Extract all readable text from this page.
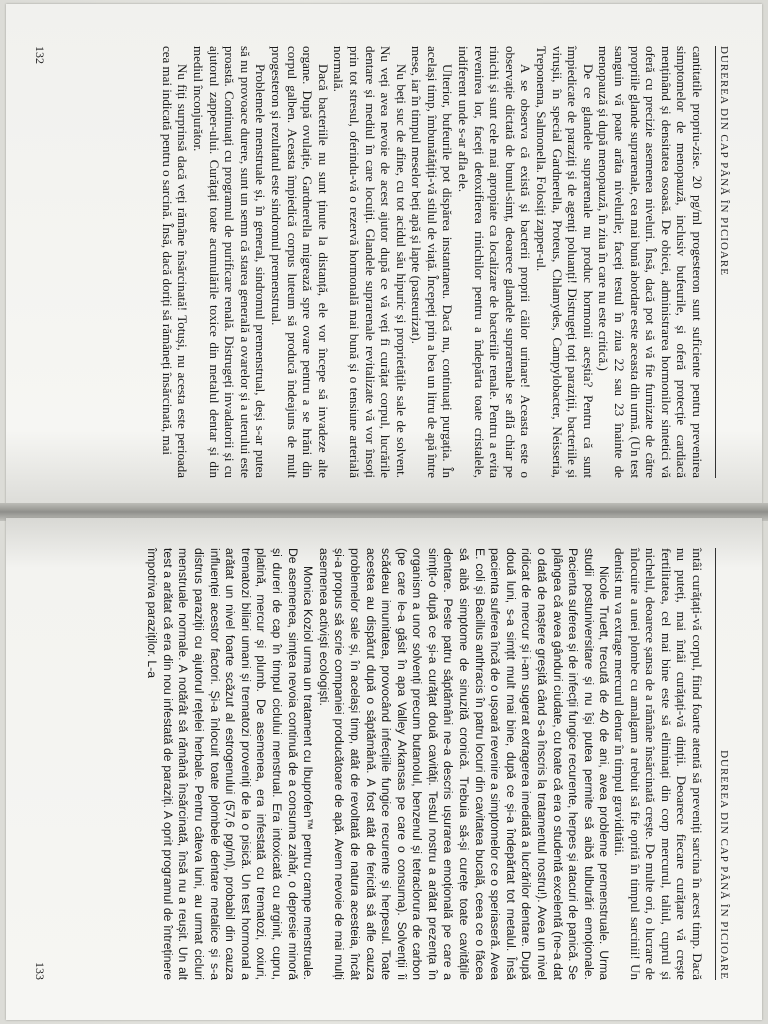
DUREREA DIN CAP PÂNĂ ÎN PICIOARE

cantitatile propriu-zise. 20 pg/ml progesteron sunt suficiente pentru prevenirea simptomelor de menopauză, inclusiv bufeurile, și oferă protecție cardiacă menținând și densitatea osoasă. De obicei, administrarea hormonilor sintetici vă oferă cu precizie asemenea niveluri. Însă, dacă pot să vă fie furnizate de către propriile glande suprarenale, cea mai bună abordare este aceasta din urmă. (Un test sanguin vă poate arăta nivelurile; faceți testul în ziua 22 sau 23 înainte de menopauză și după menopauză, în ziua în care nu este critică.)

De ce glandele suprarenale nu produc hormonii aceștia? Pentru că sunt împiedicate de paraziți și de agenți poluanți! Distrugeți toți paraziții, bacteriile și virușii, în special Gardnerella, Proteus, Chlamydes, Campylobacter, Neisseria, Treponema, Salmonella. Folosiți zapper-ul.

A se observa că există și bacterii proprii căilor urinare! Aceasta este o observație dictată de bunul-simț, deoarece glandele suprarenale se află chiar pe rinichi și sunt cele mai apropiate ca localizare de bacteriile renale. Pentru a evita revenirea lor, faceți detoxifierea rinichilor pentru a îndepărta toate cristalele, indiferent unde s-ar afla ele.

Ulterior, bufeurile pot dispărea instantaneu. Dacă nu, continuați purgația. În același timp, îmbunătățiți-vă stilul de viață. Începeți prin a bea un litru de apă între mese, iar în timpul meselor beți apă și lapte (pasteurizat).

Nu beți suc de afine, cu tot acidul său hipuric și proprietățile sale de solvent. Nu veți avea nevoie de acest ajutor după ce vă veți fi curățat corpul, lucrările dentare și mediul în care locuiți. Glandele suprarenale revitalizate vă vor însoți prin tot stresul, oferindu-vă o rezervă hormonală mai bună și o tensiune arterială normală.

Dacă bacteriile nu sunt ținute la distanță, ele vor începe să invadeze alte organe. După ovulație, Gardnerella migrează spre ovare pentru a se hrăni din corpul galben. Aceasta împiedică corpus luteum să producă îndeajuns de mult progesteron și rezultatul este sindromul premenstrual.

Problemele menstruale și, în general, sindromul premenstrual, deși s-ar putea să nu provoace durere, sunt un semn că starea generală a ovarelor și a uterului este proastă. Continuați cu programul de purificare renală. Distrugeți invadatorii și cu ajutorul zapper-ului. Curățați toate acumulările toxice din metalul dentar și din mediul înconjurător.

Nu fiți surprinsă dacă veți rămâne însărcinată! Totuși, nu acesta este perioada cea mai indicată pentru o sarcină. Însă, dacă doriți să rămâneți însărcinată, mai

132
DUREREA DIN CAP PÂNĂ ÎN PICIOARE

întâi curățați-vă corpul, fiind foarte atentă să preveniți sarcina în acest timp. Dacă nu puteți, mai întâi curățați-vă dinții. Deoarece fiecare curățare vă crește fertilitatea, cel mai bine este să eliminați din corp mercurul, taliul, cuprul și nichelul, deoarece șansa de a rămâne însărcinată crește. De multe ori, o lucrare de înlocuire a unei plombe cu amalgam a trebuit să fie oprită în timpul sarcinii! Un dentist nu va extrage mercurul dentar în timpul graviditătii.

Nicole Truett, trecută de 40 de ani, avea probleme premenstruale. Urma studii postuniversitare și nu își putea permite să aibă tulburări emoționale. Pacienta suferea și de infecții fungice recurente, herpes și atacuri de panică. Se plângea că avea gânduri ciudate, cu toate că era o studentă excelentă (ne-a dat o dată de naștere greșită când s-a înscris la tratamentul nostru!). Avea un nivel ridicat de mercur și i-am sugerat extragerea imediată a lucrărilor dentare. După două luni, s-a simțit mult mai bine, după ce și-a îndepărtat tot metalul. Însă pacienta suferea încă de o ușoară revenire a simptomelor ce o speriaseră. Avea E. coli și Bacillus anthracis în patru locuri din cavitatea bucală, ceea ce o făcea să aibă simptome de sinuzită cronică. Trebuia să-și curețe toate cavitățile dentare. Peste patru săptămâni ne-a descris ușurarea emoțională pe care a simțit-o după ce și-a curățat două cavități. Testul nostru a arătat prezența în organism a unor solvenți precum butanolul, benzenul și tetraclorura de carbon (pe care le-a găsit în apa Valley Arkansas pe care o consuma). Solvenții îi scădeau imunitatea, provocând infecțiile fungice recurente și herpesul. Toate acestea au dispărut după o săptămână. A fost atât de fericită să afle cauza problemelor sale și, în același timp, atât de revoltată de natura acesteia, încât și-a propus să scrie companiei producătoare de apă. Avem nevoie de mai mulți asemenea activiști ecologiști.

Monica Koziol urma un tratament cu Ibuprofen™ pentru crampe menstruale. De asemenea, simțea nevoia continuă de a consuma zahăr, o depresie minoră și dureri de cap în timpul ciclului menstrual. Era intoxicată cu arginit, cupru, platină, mercur și plumb. De asemenea, era infestată cu trematozi, oxiuri, trematozi biliari umani și trematozi proveniți de la o pisică. Un test hormonal a arătat un nivel foarte scăzut al estrogenului (57,6 pg/ml), probabil din cauza influenței acestor factori. Și-a înlocuit toate plombele dentare metalice și s-a distrus paraziții cu ajutorul rețelei herbale. Pentru câteva luni, au urmat cicluri menstruale normale. A notărât să rămână însărcinată, însă nu a reușit. Un alt test a arătat că era din nou infestată de paraziți. A oprit programul de întreținere împotriva paraziților. L-a

133
